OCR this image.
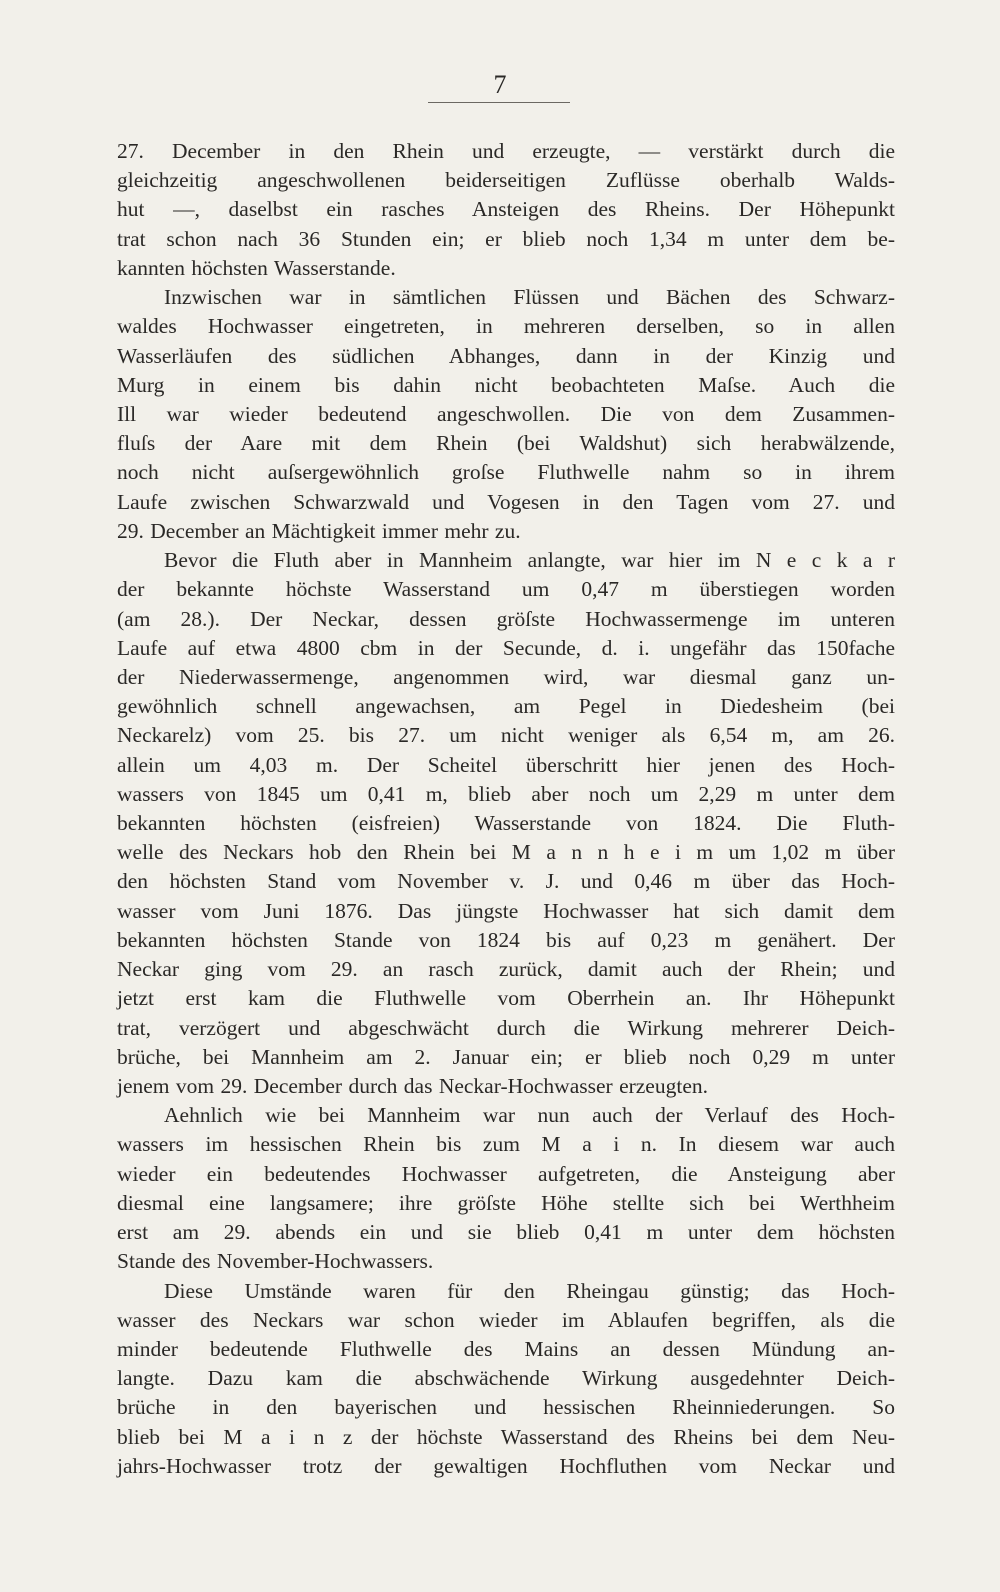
7
27. December in den Rhein und erzeugte, — verstärkt durch die
gleichzeitig angeschwollenen beiderseitigen Zuflüsse oberhalb Walds-
hut —, daselbst ein rasches Ansteigen des Rheins. Der Höhepunkt
trat schon nach 36 Stunden ein; er blieb noch 1,34 m unter dem be-
kannten höchsten Wasserstande.
Inzwischen war in sämtlichen Flüssen und Bächen des Schwarz-
waldes Hochwasser eingetreten, in mehreren derselben, so in allen
Wasserläufen des südlichen Abhanges, dann in der Kinzig und
Murg in einem bis dahin nicht beobachteten Maſse. Auch die
Ill war wieder bedeutend angeschwollen. Die von dem Zusammen-
fluſs der Aare mit dem Rhein (bei Waldshut) sich herabwälzende,
noch nicht auſsergewöhnlich groſse Fluthwelle nahm so in ihrem
Laufe zwischen Schwarzwald und Vogesen in den Tagen vom 27. und
29. December an Mächtigkeit immer mehr zu.
Bevor die Fluth aber in Mannheim anlangte, war hier im N e c k a r
der bekannte höchste Wasserstand um 0,47 m überstiegen worden
(am 28.). Der Neckar, dessen gröſste Hochwassermenge im unteren
Laufe auf etwa 4800 cbm in der Secunde, d. i. ungefähr das 150fache
der Niederwassermenge, angenommen wird, war diesmal ganz un-
gewöhnlich schnell angewachsen, am Pegel in Diedesheim (bei
Neckarelz) vom 25. bis 27. um nicht weniger als 6,54 m, am 26.
allein um 4,03 m. Der Scheitel überschritt hier jenen des Hoch-
wassers von 1845 um 0,41 m, blieb aber noch um 2,29 m unter dem
bekannten höchsten (eisfreien) Wasserstande von 1824. Die Fluth-
welle des Neckars hob den Rhein bei M a n n h e i m um 1,02 m über
den höchsten Stand vom November v. J. und 0,46 m über das Hoch-
wasser vom Juni 1876. Das jüngste Hochwasser hat sich damit dem
bekannten höchsten Stande von 1824 bis auf 0,23 m genähert. Der
Neckar ging vom 29. an rasch zurück, damit auch der Rhein; und
jetzt erst kam die Fluthwelle vom Oberrhein an. Ihr Höhepunkt
trat, verzögert und abgeschwächt durch die Wirkung mehrerer Deich-
brüche, bei Mannheim am 2. Januar ein; er blieb noch 0,29 m unter
jenem vom 29. December durch das Neckar-Hochwasser erzeugten.
Aehnlich wie bei Mannheim war nun auch der Verlauf des Hoch-
wassers im hessischen Rhein bis zum M a i n. In diesem war auch
wieder ein bedeutendes Hochwasser aufgetreten, die Ansteigung aber
diesmal eine langsamere; ihre gröſste Höhe stellte sich bei Werthheim
erst am 29. abends ein und sie blieb 0,41 m unter dem höchsten
Stande des November-Hochwassers.
Diese Umstände waren für den Rheingau günstig; das Hoch-
wasser des Neckars war schon wieder im Ablaufen begriffen, als die
minder bedeutende Fluthwelle des Mains an dessen Mündung an-
langte. Dazu kam die abschwächende Wirkung ausgedehnter Deich-
brüche in den bayerischen und hessischen Rheinniederungen. So
blieb bei M a i n z der höchste Wasserstand des Rheins bei dem Neu-
jahrs-Hochwasser trotz der gewaltigen Hochfluthen vom Neckar und
